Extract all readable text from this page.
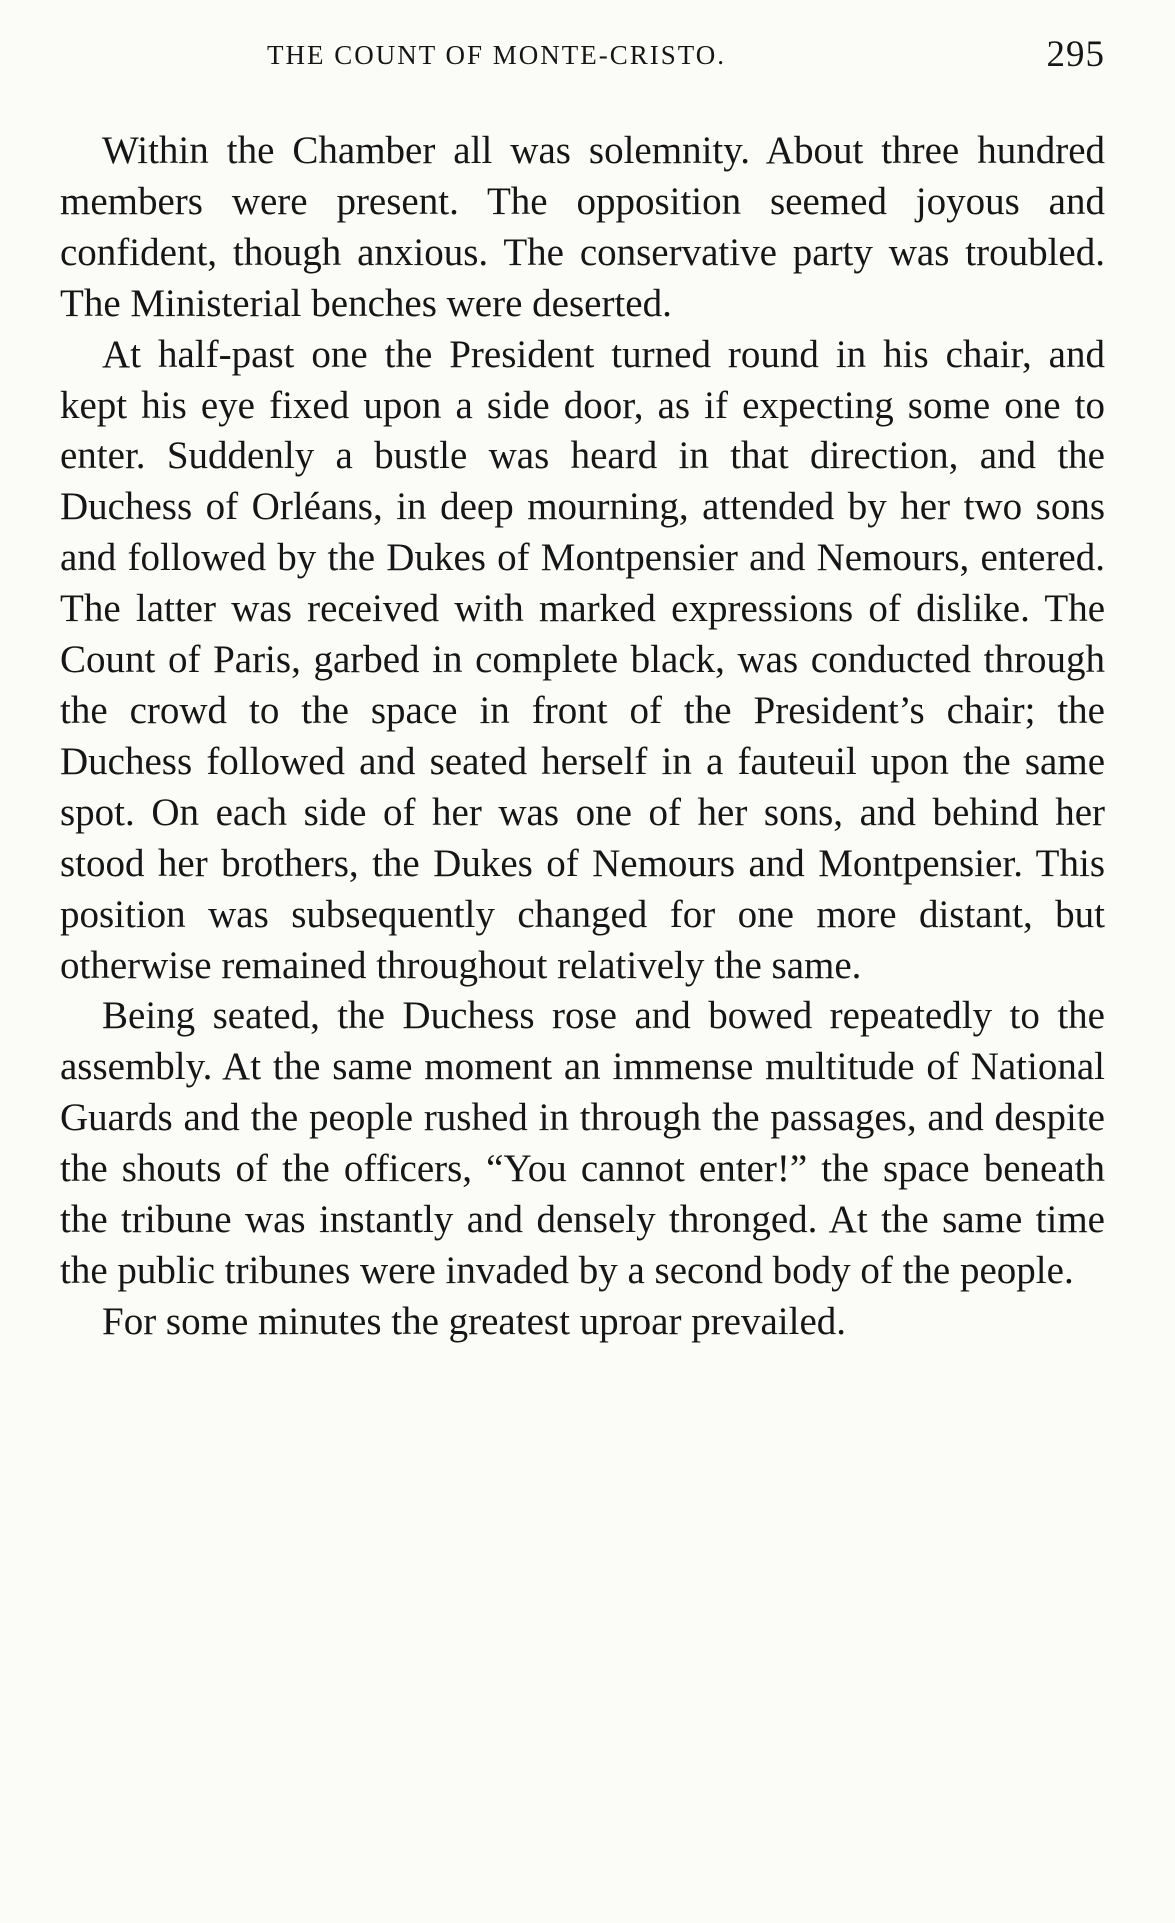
THE COUNT OF MONTE-CRISTO.	295

Within the Chamber all was solemnity. About three hundred members were present. The opposition seemed joyous and confident, though anxious. The conservative party was troubled. The Ministerial benches were deserted.

At half-past one the President turned round in his chair, and kept his eye fixed upon a side door, as if expecting some one to enter. Suddenly a bustle was heard in that direction, and the Duchess of Orléans, in deep mourning, attended by her two sons and followed by the Dukes of Montpensier and Nemours, entered. The latter was received with marked expressions of dislike. The Count of Paris, garbed in complete black, was conducted through the crowd to the space in front of the President’s chair; the Duchess followed and seated herself in a fauteuil upon the same spot. On each side of her was one of her sons, and behind her stood her brothers, the Dukes of Nemours and Montpensier. This position was subsequently changed for one more distant, but otherwise remained throughout relatively the same.

Being seated, the Duchess rose and bowed repeatedly to the assembly. At the same moment an immense multitude of National Guards and the people rushed in through the passages, and despite the shouts of the officers, “You cannot enter!” the space beneath the tribune was instantly and densely thronged. At the same time the public tribunes were invaded by a second body of the people.

For some minutes the greatest uproar prevailed.
